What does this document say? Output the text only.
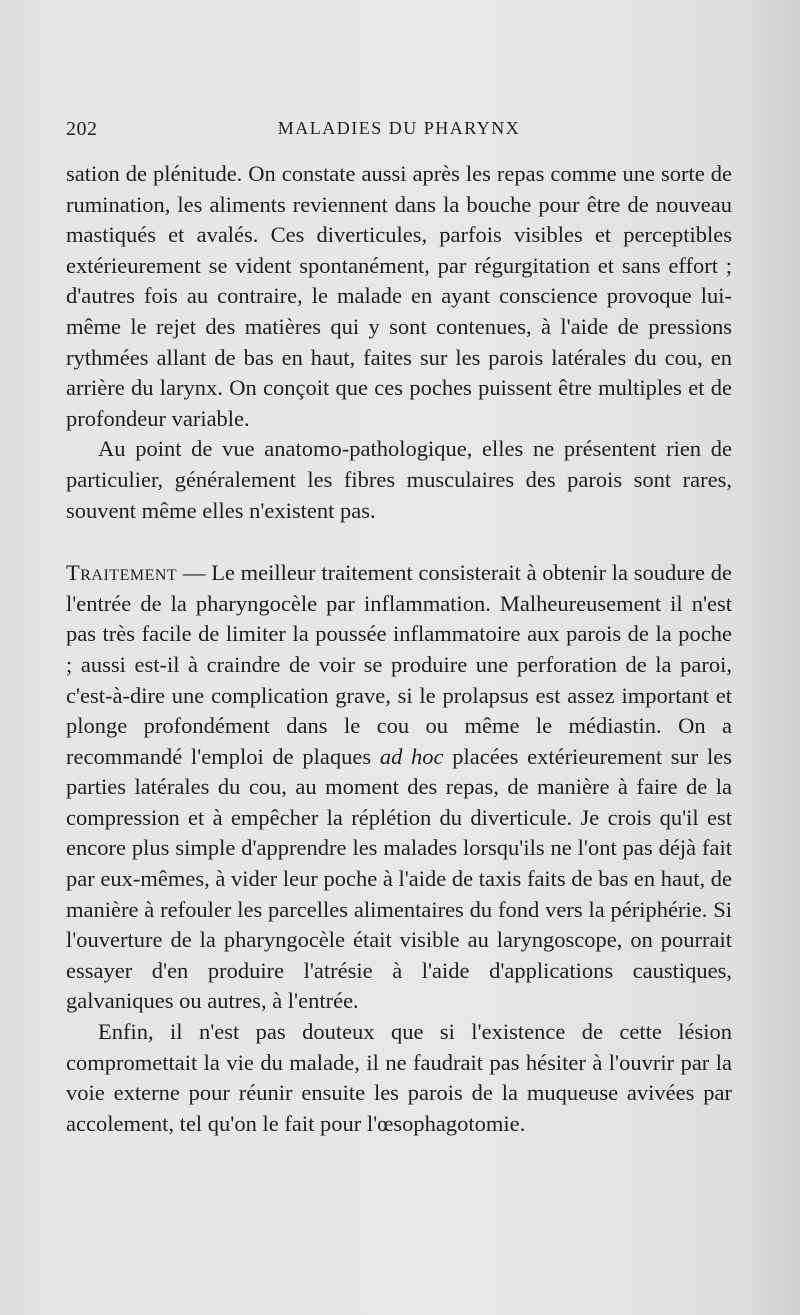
202	MALADIES DU PHARYNX

sation de plénitude. On constate aussi après les repas comme une sorte de rumination, les aliments reviennent dans la bouche pour être de nouveau mastiqués et avalés. Ces diverticules, parfois visibles et perceptibles extérieurement se vident spontanément, par régurgitation et sans effort ; d'autres fois au contraire, le malade en ayant conscience provoque lui-même le rejet des matières qui y sont contenues, à l'aide de pressions rythmées allant de bas en haut, faites sur les parois latérales du cou, en arrière du larynx. On conçoit que ces poches puissent être multiples et de profondeur variable.

Au point de vue anatomo-pathologique, elles ne présentent rien de particulier, généralement les fibres musculaires des parois sont rares, souvent même elles n'existent pas.

Traitement — Le meilleur traitement consisterait à obtenir la soudure de l'entrée de la pharyngocèle par inflammation. Malheureusement il n'est pas très facile de limiter la poussée inflammatoire aux parois de la poche ; aussi est-il à craindre de voir se produire une perforation de la paroi, c'est-à-dire une complication grave, si le prolapsus est assez important et plonge profondément dans le cou ou même le médiastin. On a recommandé l'emploi de plaques ad hoc placées extérieurement sur les parties latérales du cou, au moment des repas, de manière à faire de la compression et à empêcher la réplétion du diverticule. Je crois qu'il est encore plus simple d'apprendre les malades lorsqu'ils ne l'ont pas déjà fait par eux-mêmes, à vider leur poche à l'aide de taxis faits de bas en haut, de manière à refouler les parcelles alimentaires du fond vers la périphérie. Si l'ouverture de la pharyngocèle était visible au laryngoscope, on pourrait essayer d'en produire l'atrésie à l'aide d'applications caustiques, galvaniques ou autres, à l'entrée.

Enfin, il n'est pas douteux que si l'existence de cette lésion compromettait la vie du malade, il ne faudrait pas hésiter à l'ouvrir par la voie externe pour réunir ensuite les parois de la muqueuse avivées par accolement, tel qu'on le fait pour l'œsophagotomie.
